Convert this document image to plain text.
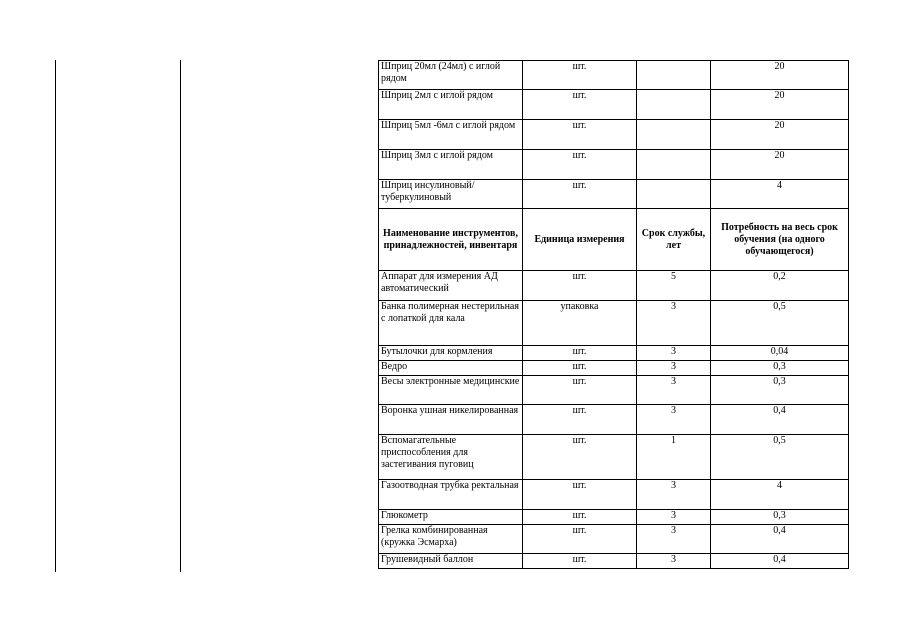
Шприц 20мл (24мл) с иглой рядом	шт.		20
Шприц 2мл с иглой рядом	шт.		20
Шприц 5мл -6мл с иглой рядом	шт.		20
Шприц 3мл с иглой рядом	шт.		20
Шприц инсулиновый/ туберкулиновый	шт.		4
Наименование инструментов, принадлежностей, инвентаря	Единица измерения	Срок службы, лет	Потребность на весь срок обучения (на одного обучающегося)
Аппарат для измерения АД автоматический	шт.	5	0,2
Банка полимерная нестерильная с лопаткой для кала	упаковка	3	0,5
Бутылочки для кормления	шт.	3	0,04
Ведро	шт.	3	0,3
Весы электронные медицинские	шт.	3	0,3
Воронка ушная никелированная	шт.	3	0,4
Вспомагательные приспособления для застегивания пуговиц	шт.	1	0,5
Газоотводная трубка ректальная	шт.	3	4
Глюкометр	шт.	3	0,3
Грелка комбинированная (кружка Эсмарха)	шт.	3	0,4
Грушевидный баллон	шт.	3	0,4
